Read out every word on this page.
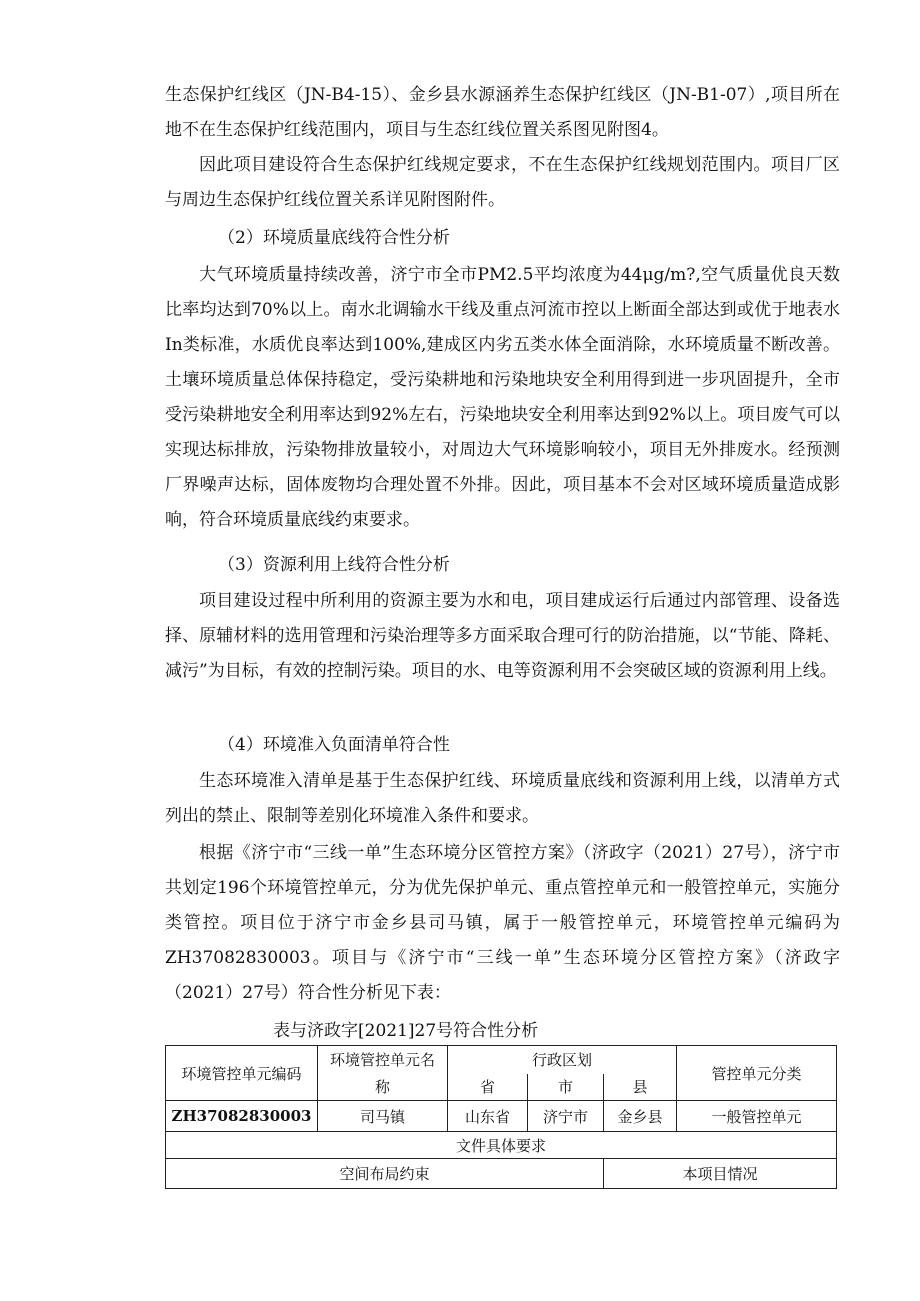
生态保护红线区（JN-B4-15）、金乡县水源涵养生态保护红线区（JN-B1-07）,项目所在地不在生态保护红线范围内，项目与生态红线位置关系图见附图4。

因此项目建设符合生态保护红线规定要求，不在生态保护红线规划范围内。项目厂区与周边生态保护红线位置关系详见附图附件。

（2）环境质量底线符合性分析

大气环境质量持续改善，济宁市全市PM2.5平均浓度为44μg/m?,空气质量优良天数比率均达到70%以上。南水北调输水干线及重点河流市控以上断面全部达到或优于地表水In类标准，水质优良率达到100%,建成区内劣五类水体全面消除，水环境质量不断改善。土壤环境质量总体保持稳定，受污染耕地和污染地块安全利用得到进一步巩固提升，全市受污染耕地安全利用率达到92%左右，污染地块安全利用率达到92%以上。项目废气可以实现达标排放，污染物排放量较小，对周边大气环境影响较小，项目无外排废水。经预测厂界噪声达标，固体废物均合理处置不外排。因此，项目基本不会对区域环境质量造成影响，符合环境质量底线约束要求。

（3）资源利用上线符合性分析

项目建设过程中所利用的资源主要为水和电，项目建成运行后通过内部管理、设备选择、原辅材料的选用管理和污染治理等多方面采取合理可行的防治措施，以“节能、降耗、减污”为目标，有效的控制污染。项目的水、电等资源利用不会突破区域的资源利用上线。

（4）环境准入负面清单符合性

生态环境准入清单是基于生态保护红线、环境质量底线和资源利用上线，以清单方式列出的禁止、限制等差别化环境准入条件和要求。

根据《济宁市“三线一单”生态环境分区管控方案》（济政字（2021）27号），济宁市共划定196个环境管控单元，分为优先保护单元、重点管控单元和一般管控单元，实施分类管控。项目位于济宁市金乡县司马镇，属于一般管控单元，环境管控单元编码为ZH37082830003。项目与《济宁市“三线一单”生态环境分区管控方案》（济政字（2021）27号）符合性分析见下表：

表与济政字[2021]27号符合性分析

环境管控单元编码	环境管控单元名	行政区划			管控单元分类
	称	省	市	县	
ZH37082830003	司马镇	山东省	济宁市	金乡县	一般管控单元
文件具体要求					
空间布局约束				本项目情况	
